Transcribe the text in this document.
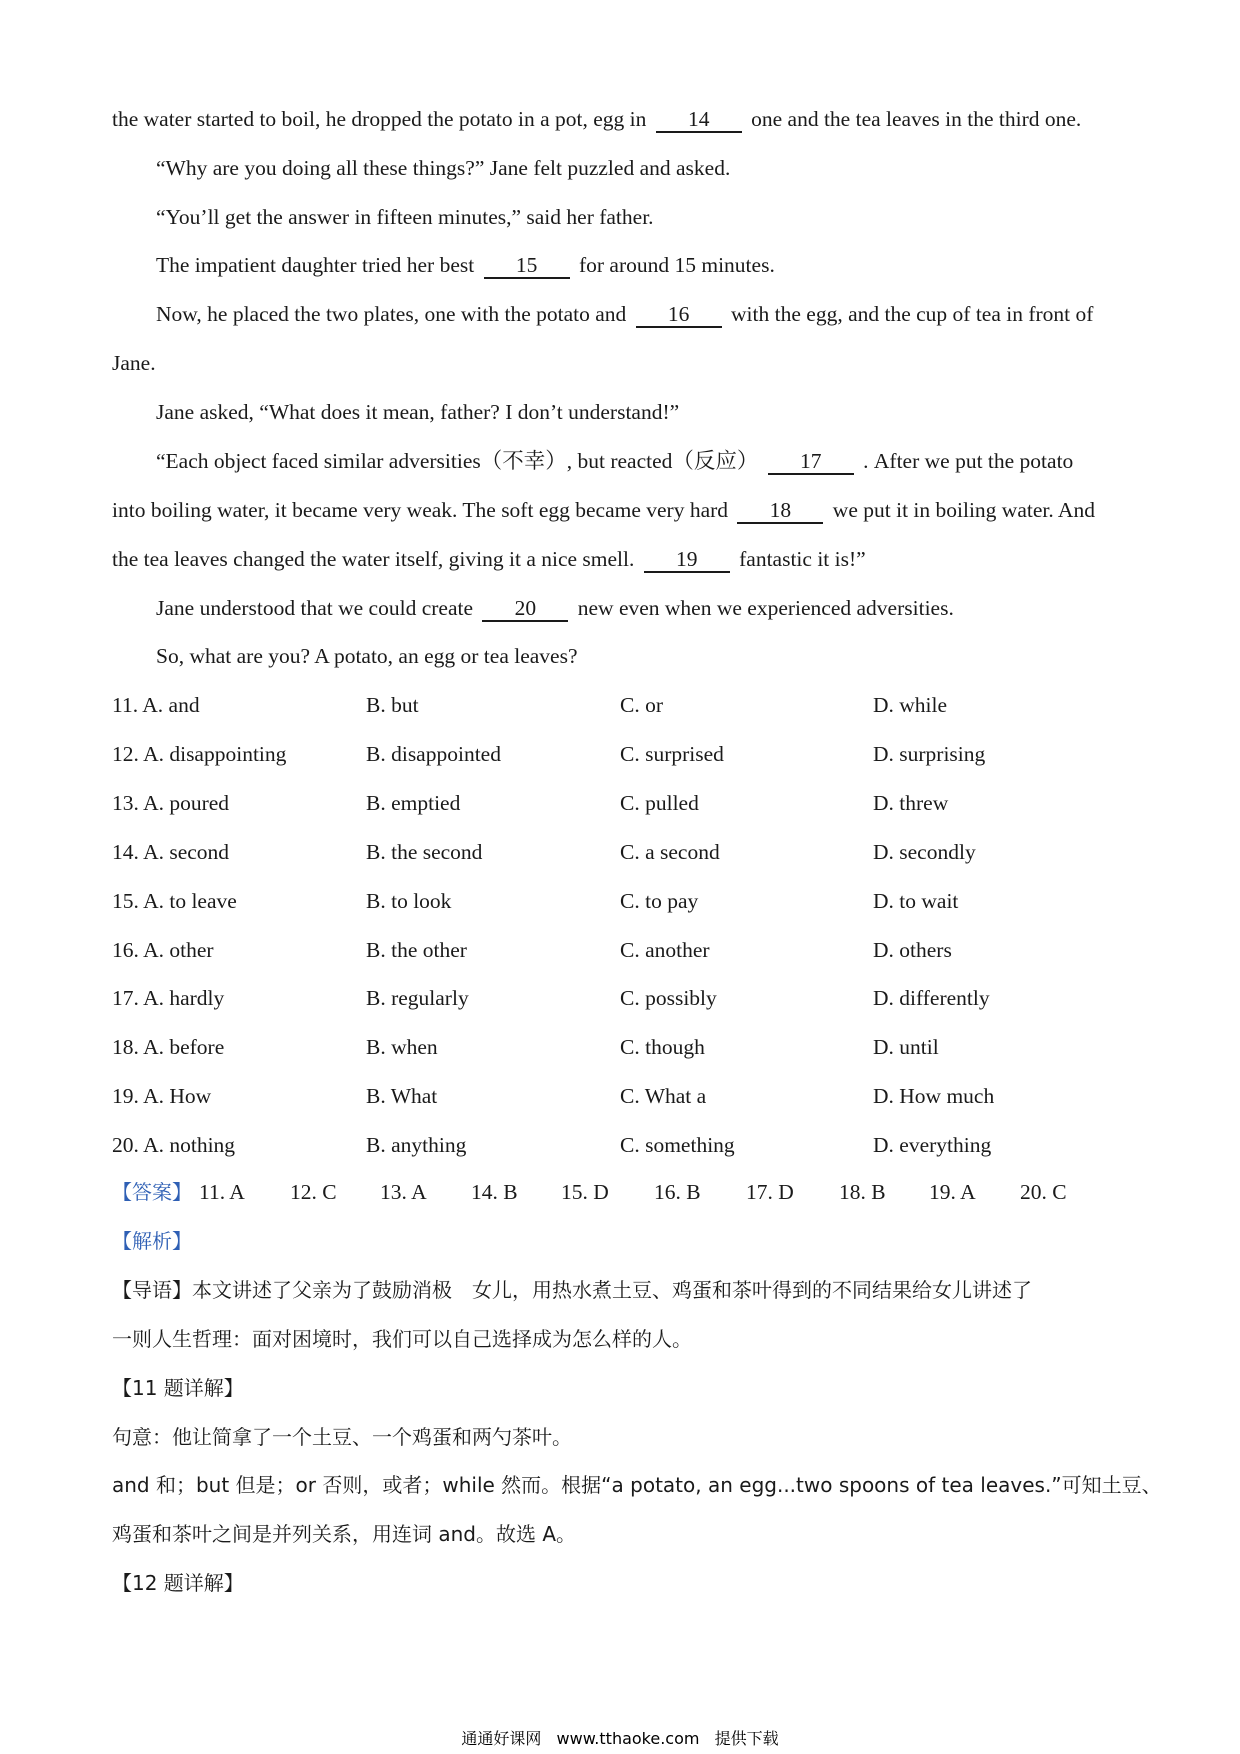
the water started to boil, he dropped the potato in a pot, egg in 14 one and the tea leaves in the third one.
“Why are you doing all these things?” Jane felt puzzled and asked.
“You’ll get the answer in fifteen minutes,” said her father.
The impatient daughter tried her best 15 for around 15 minutes.
Now, he placed the two plates, one with the potato and 16 with the egg, and the cup of tea in front of
Jane.
Jane asked, “What does it mean, father? I don’t understand!”
“Each object faced similar adversities（不幸）, but reacted（反应） 17 . After we put the potato
into boiling water, it became very weak. The soft egg became very hard 18 we put it in boiling water. And
the tea leaves changed the water itself, giving it a nice smell. 19 fantastic it is!”
Jane understood that we could create 20 new even when we experienced adversities.
So, what are you? A potato, an egg or tea leaves?
11. A. and	B. but	C. or	D. while
12. A. disappointing	B. disappointed	C. surprised	D. surprising
13. A. poured	B. emptied	C. pulled	D. threw
14. A. second	B. the second	C. a second	D. secondly
15. A. to leave	B. to look	C. to pay	D. to wait
16. A. other	B. the other	C. another	D. others
17. A. hardly	B. regularly	C. possibly	D. differently
18. A. before	B. when	C. though	D. until
19. A. How	B. What	C. What a	D. How much
20. A. nothing	B. anything	C. something	D. everything
【答案】 11. A 12. C 13. A 14. B 15. D 16. B 17. D 18. B 19. A 20. C
【解析】
【导语】本文讲述了父亲为了鼓励消极　女儿，用热水煮土豆、鸡蛋和茶叶得到的不同结果给女儿讲述了
一则人生哲理：面对困境时，我们可以自己选择成为怎么样的人。
【11 题详解】
句意：他让简拿了一个土豆、一个鸡蛋和两勺茶叶。
and 和；but 但是；or 否则，或者；while 然而。根据“a potato, an egg...two spoons of tea leaves.”可知土豆、
鸡蛋和茶叶之间是并列关系，用连词 and。故选 A。
【12 题详解】
通通好课网 www.tthaoke.com 提供下载
